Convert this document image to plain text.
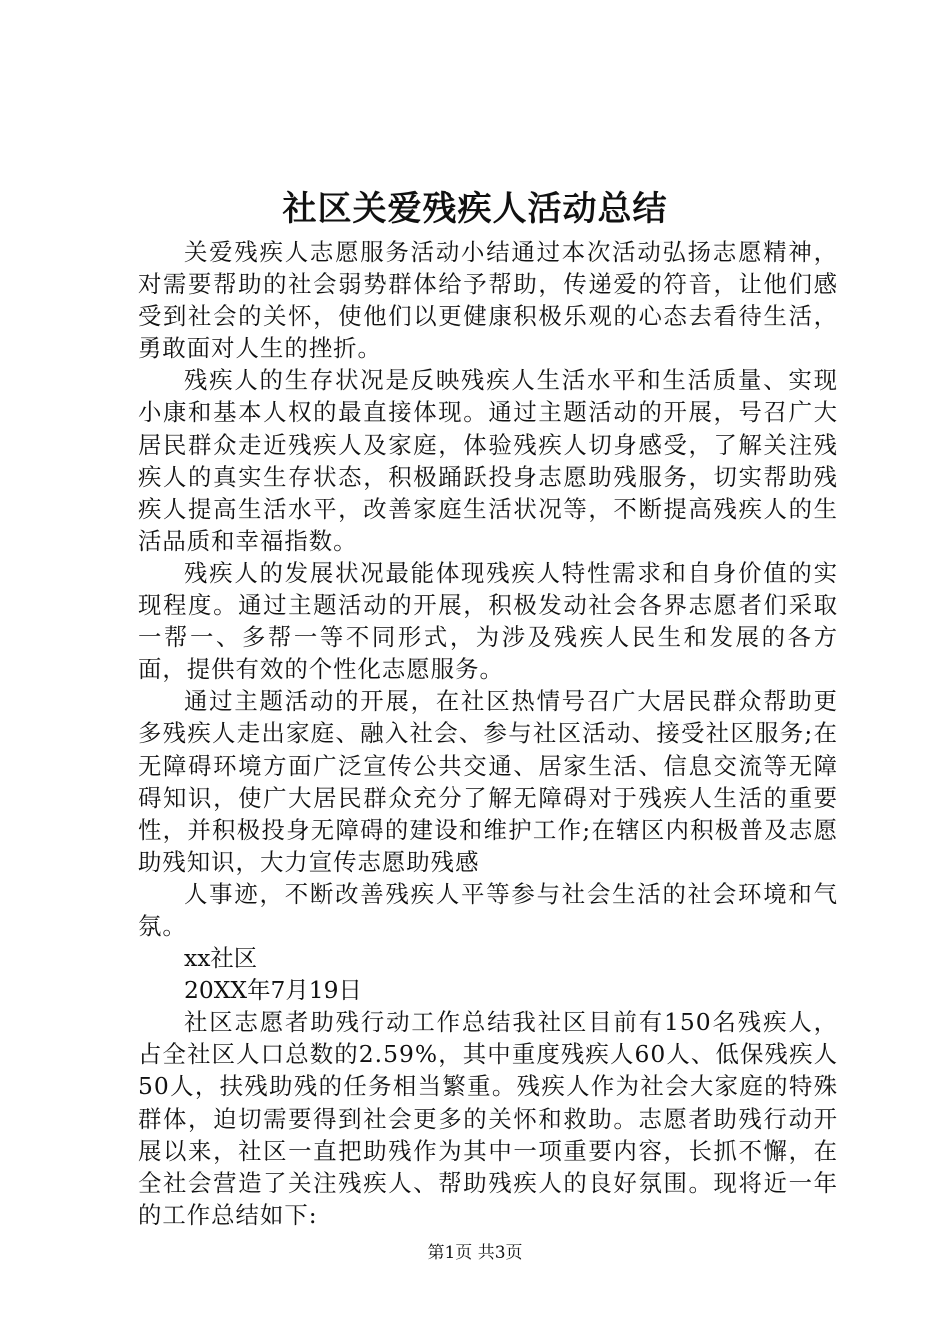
社区关爱残疾人活动总结

关爱残疾人志愿服务活动小结通过本次活动弘扬志愿精神，对需要帮助的社会弱势群体给予帮助，传递爱的符音，让他们感受到社会的关怀，使他们以更健康积极乐观的心态去看待生活，勇敢面对人生的挫折。

残疾人的生存状况是反映残疾人生活水平和生活质量、实现小康和基本人权的最直接体现。通过主题活动的开展，号召广大居民群众走近残疾人及家庭，体验残疾人切身感受，了解关注残疾人的真实生存状态，积极踊跃投身志愿助残服务，切实帮助残疾人提高生活水平，改善家庭生活状况等，不断提高残疾人的生活品质和幸福指数。

残疾人的发展状况最能体现残疾人特性需求和自身价值的实现程度。通过主题活动的开展，积极发动社会各界志愿者们采取一帮一、多帮一等不同形式，为涉及残疾人民生和发展的各方面，提供有效的个性化志愿服务。

通过主题活动的开展，在社区热情号召广大居民群众帮助更多残疾人走出家庭、融入社会、参与社区活动、接受社区服务;在无障碍环境方面广泛宣传公共交通、居家生活、信息交流等无障碍知识，使广大居民群众充分了解无障碍对于残疾人生活的重要性，并积极投身无障碍的建设和维护工作;在辖区内积极普及志愿助残知识，大力宣传志愿助残感

人事迹，不断改善残疾人平等参与社会生活的社会环境和气氛。

xx社区

20XX年7月19日

社区志愿者助残行动工作总结我社区目前有150名残疾人，占全社区人口总数的2.59%，其中重度残疾人60人、低保残疾人50人，扶残助残的任务相当繁重。残疾人作为社会大家庭的特殊群体，迫切需要得到社会更多的关怀和救助。志愿者助残行动开展以来，社区一直把助残作为其中一项重要内容，长抓不懈，在全社会营造了关注残疾人、帮助残疾人的良好氛围。现将近一年的工作总结如下:

第1页 共3页
